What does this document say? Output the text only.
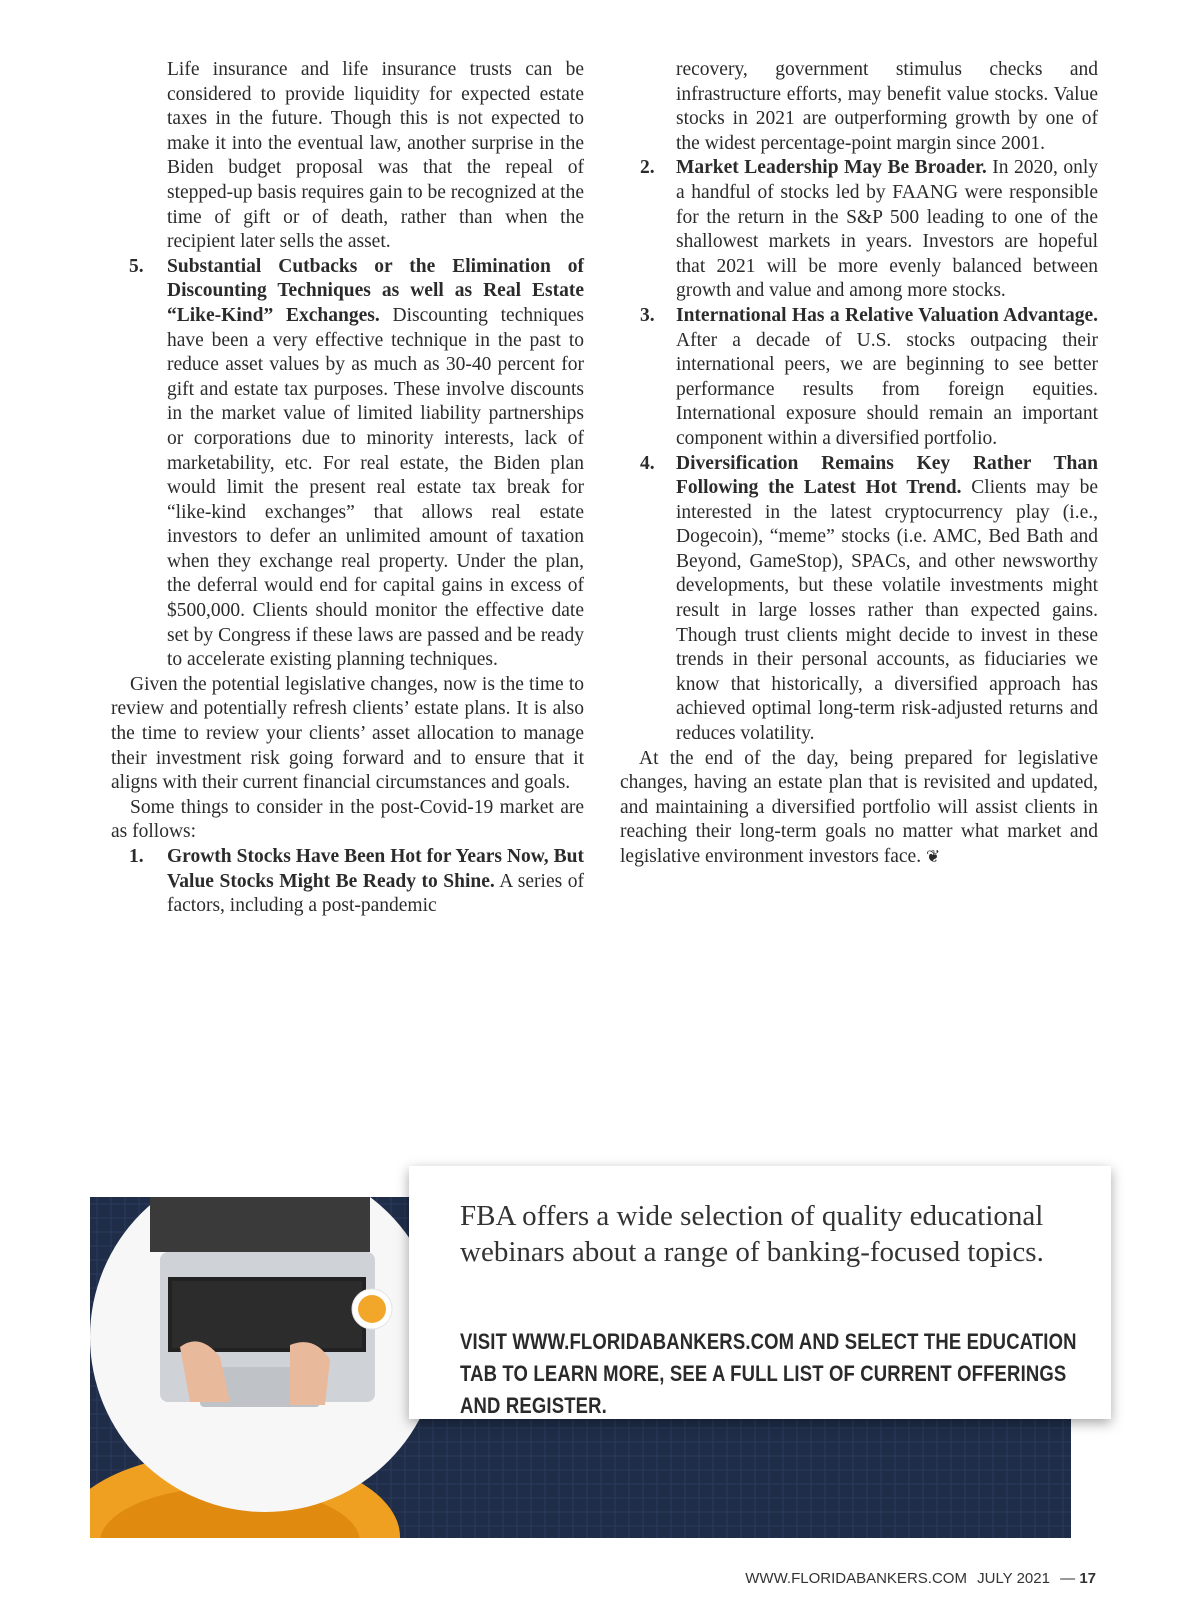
Life insurance and life insurance trusts can be considered to provide liquidity for expected estate taxes in the future. Though this is not expected to make it into the eventual law, another surprise in the Biden budget proposal was that the repeal of stepped-up basis requires gain to be recognized at the time of gift or of death, rather than when the recipient later sells the asset.

5. Substantial Cutbacks or the Elimination of Discounting Techniques as well as Real Estate “Like-Kind” Exchanges. Discounting techniques have been a very effective technique in the past to reduce asset values by as much as 30-40 percent for gift and estate tax purposes. These involve discounts in the market value of limited liability partnerships or corporations due to minority interests, lack of marketability, etc. For real estate, the Biden plan would limit the present real estate tax break for “like-kind exchanges” that allows real estate investors to defer an unlimited amount of taxation when they exchange real property. Under the plan, the deferral would end for capital gains in excess of $500,000. Clients should monitor the effective date set by Congress if these laws are passed and be ready to accelerate existing planning techniques.

Given the potential legislative changes, now is the time to review and potentially refresh clients’ estate plans. It is also the time to review your clients’ asset allocation to manage their investment risk going forward and to ensure that it aligns with their current financial circumstances and goals.

Some things to consider in the post-Covid-19 market are as follows:

1. Growth Stocks Have Been Hot for Years Now, But Value Stocks Might Be Ready to Shine. A series of factors, including a post-pandemic

recovery, government stimulus checks and infrastructure efforts, may benefit value stocks. Value stocks in 2021 are outperforming growth by one of the widest percentage-point margin since 2001.

2. Market Leadership May Be Broader. In 2020, only a handful of stocks led by FAANG were responsible for the return in the S&P 500 leading to one of the shallowest markets in years. Investors are hopeful that 2021 will be more evenly balanced between growth and value and among more stocks.

3. International Has a Relative Valuation Advantage. After a decade of U.S. stocks outpacing their international peers, we are beginning to see better performance results from foreign equities. International exposure should remain an important component within a diversified portfolio.

4. Diversification Remains Key Rather Than Following the Latest Hot Trend. Clients may be interested in the latest cryptocurrency play (i.e., Dogecoin), “meme” stocks (i.e. AMC, Bed Bath and Beyond, GameStop), SPACs, and other newsworthy developments, but these volatile investments might result in large losses rather than expected gains. Though trust clients might decide to invest in these trends in their personal accounts, as fiduciaries we know that historically, a diversified approach has achieved optimal long-term risk-adjusted returns and reduces volatility.

At the end of the day, being prepared for legislative changes, having an estate plan that is revisited and updated, and maintaining a diversified portfolio will assist clients in reaching their long-term goals no matter what market and legislative environment investors face. ❦

FBA offers a wide selection of quality educational webinars about a range of banking-focused topics.
VISIT WWW.FLORIDABANKERS.COM AND SELECT THE EDUCATION TAB TO LEARN MORE, SEE A FULL LIST OF CURRENT OFFERINGS AND REGISTER.
WWW.FLORIDABANKERS.COM JULY 2021 — 17
